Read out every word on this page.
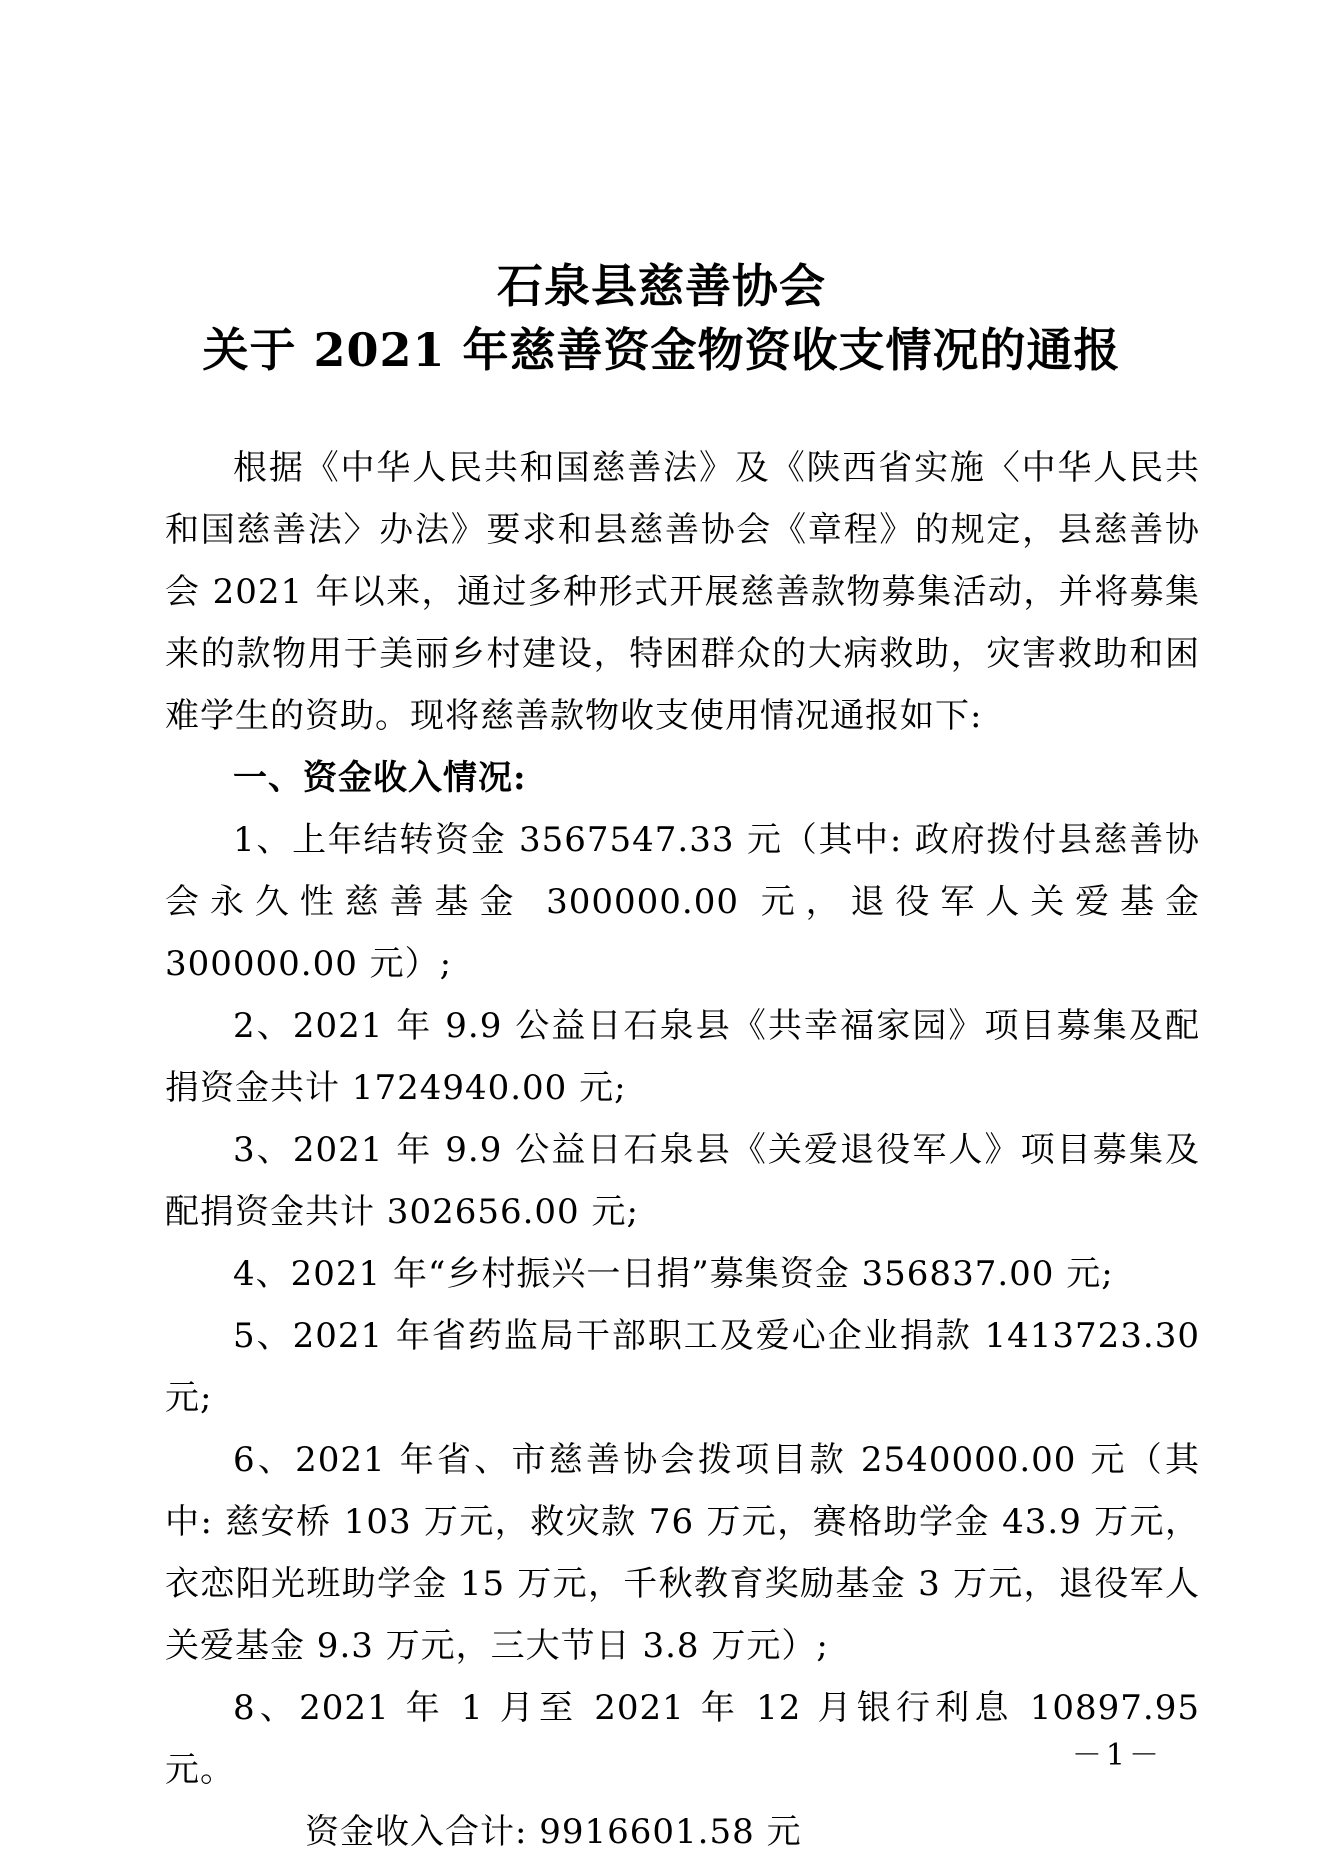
石泉县慈善协会
关于 2021 年慈善资金物资收支情况的通报

根据《中华人民共和国慈善法》及《陕西省实施〈中华人民共和国慈善法〉办法》要求和县慈善协会《章程》的规定，县慈善协会 2021 年以来，通过多种形式开展慈善款物募集活动，并将募集来的款物用于美丽乡村建设，特困群众的大病救助，灾害救助和困难学生的资助。现将慈善款物收支使用情况通报如下:

一、资金收入情况:

1、上年结转资金 3567547.33 元（其中: 政府拨付县慈善协会永久性慈善基金 300000.00 元，退役军人关爱基金 300000.00 元）;

2、2021 年 9.9 公益日石泉县《共幸福家园》项目募集及配捐资金共计 1724940.00 元;

3、2021 年 9.9 公益日石泉县《关爱退役军人》项目募集及配捐资金共计 302656.00 元;

4、2021 年“乡村振兴一日捐”募集资金 356837.00 元;

5、2021 年省药监局干部职工及爱心企业捐款 1413723.30 元;

6、2021 年省、市慈善协会拨项目款 2540000.00 元（其中: 慈安桥 103 万元，救灾款 76 万元，赛格助学金 43.9 万元，衣恋阳光班助学金 15 万元，千秋教育奖励基金 3 万元，退役军人关爱基金 9.3 万元，三大节日 3.8 万元）;

8、2021 年 1 月至 2021 年 12 月银行利息 10897.95 元。

资金收入合计: 9916601.58 元

－1－
